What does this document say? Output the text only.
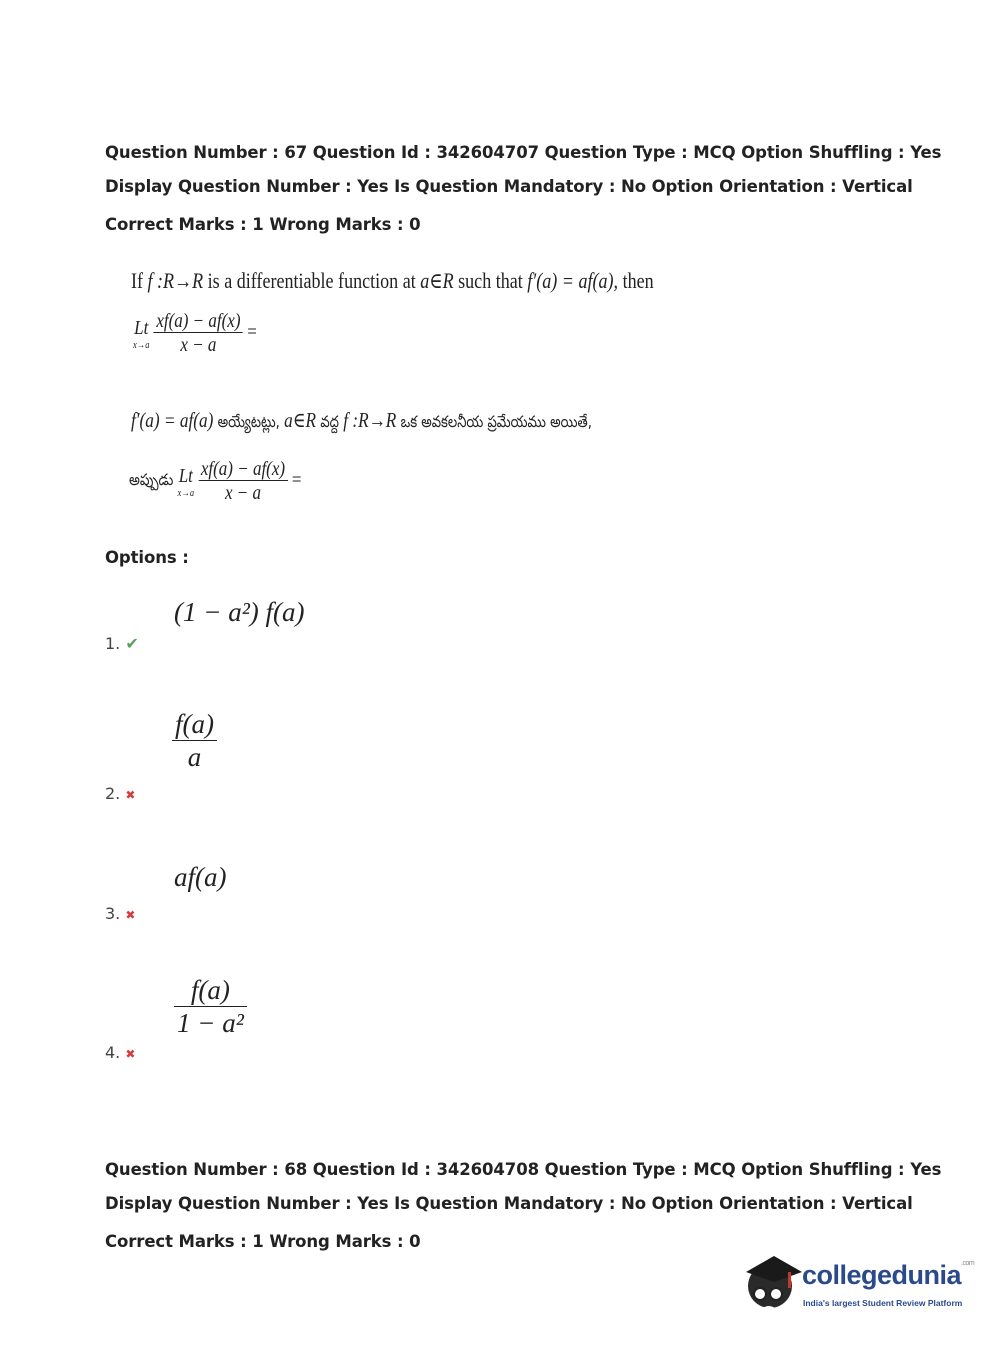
Question Number : 67 Question Id : 342604707 Question Type : MCQ Option Shuffling : Yes
Display Question Number : Yes Is Question Mandatory : No Option Orientation : Vertical
Correct Marks : 1 Wrong Marks : 0
If f :R→R is a differentiable function at a∈R such that f′(a) = af(a), then
Lt
x→a
$\frac{xf(a) - af(x)}{x - a}$ =
f′(a) = af(a) అయ్యేటట్లు, a∈R వద్ద f :R→R ఒక అవకలనీయ ప్రమేయము అయితే,
అప్పుడు Lt
x→a
$\frac{xf(a) - af(x)}{x - a}$ =
Options :
(1 − a²) f(a)
1. ✔
$\frac{f(a)}{a}$
2. ✖
af(a)
3. ✖
$\frac{f(a)}{\text{1 − a²}}$
4. ✖
Question Number : 68 Question Id : 342604708 Question Type : MCQ Option Shuffling : Yes
Display Question Number : Yes Is Question Mandatory : No Option Orientation : Vertical
Correct Marks : 1 Wrong Marks : 0
collegedunia$^{.com}$
India's largest Student Review Platform
